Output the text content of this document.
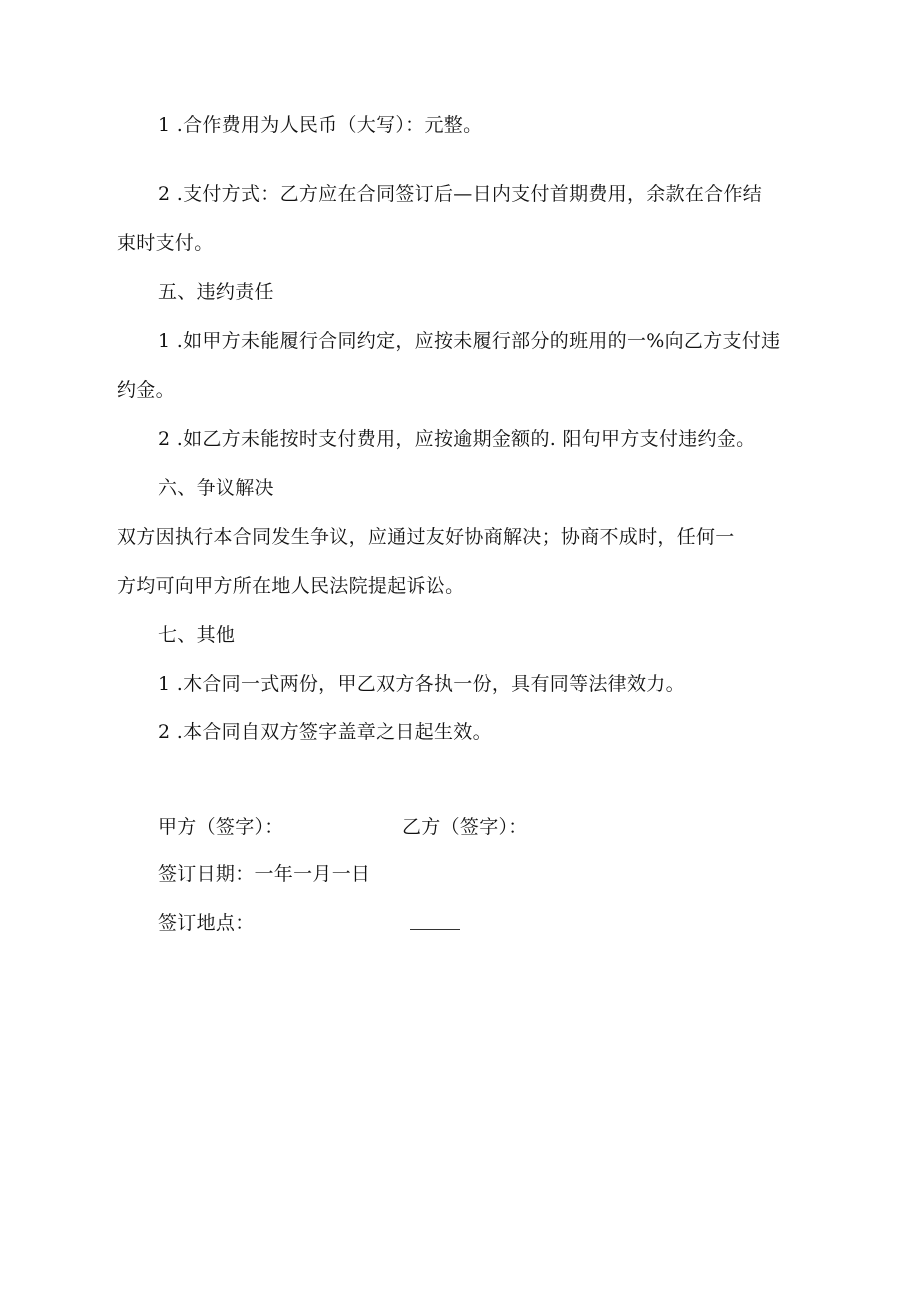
1 .合作费用为人民币（大写）：元整。
2 .支付方式：乙方应在合同签订后—日内支付首期费用，余款在合作结
束时支付。
五、违约责任
1 .如甲方未能履行合同约定，应按未履行部分的班用的一%向乙方支付违
约金。
2 .如乙方未能按时支付费用，应按逾期金额的. 阳句甲方支付违约金。
六、争议解决
双方因执行本合同发生争议，应通过友好协商解决；协商不成时，任何一
方均可向甲方所在地人民法院提起诉讼。
七、其他
1 .木合同一式两份，甲乙双方各执一份，具有同等法律效力。
2 .本合同自双方签字盖章之日起生效。
甲方（签字）：	乙方（签字）：
签订日期：一年一月一日
签订地点：
